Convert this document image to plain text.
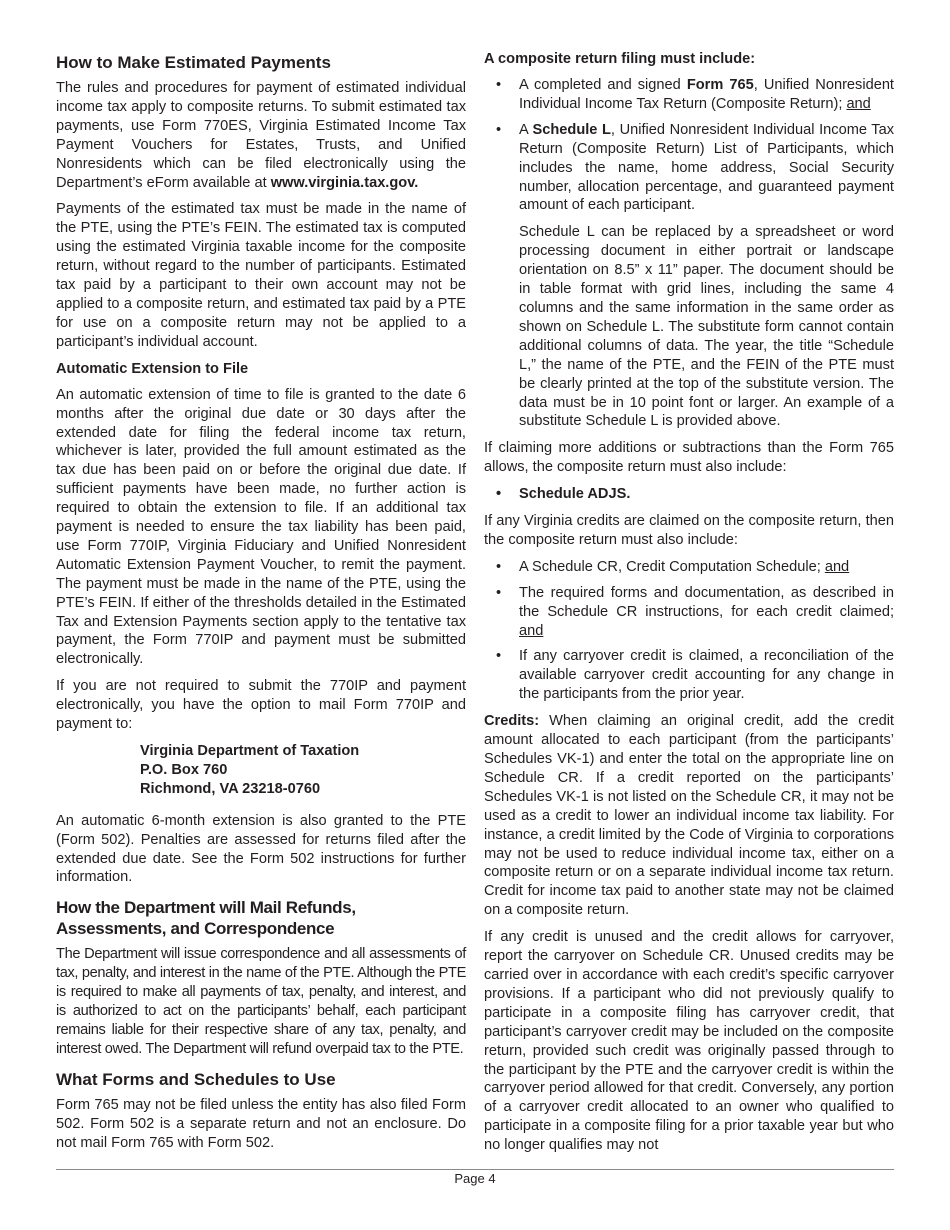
How to Make Estimated Payments

The rules and procedures for payment of estimated individual income tax apply to composite returns. To submit estimated tax payments, use Form 770ES, Virginia Estimated Income Tax Payment Vouchers for Estates, Trusts, and Unified Nonresidents which can be filed electronically using the Department’s eForm available at www.virginia.tax.gov.

Payments of the estimated tax must be made in the name of the PTE, using the PTE’s FEIN. The estimated tax is computed using the estimated Virginia taxable income for the composite return, without regard to the number of participants. Estimated tax paid by a participant to their own account may not be applied to a composite return, and estimated tax paid by a PTE for use on a composite return may not be applied to a participant’s individual account.

Automatic Extension to File

An automatic extension of time to file is granted to the date 6 months after the original due date or 30 days after the extended date for filing the federal income tax return, whichever is later, provided the full amount estimated as the tax due has been paid on or before the original due date. If sufficient payments have been made, no further action is required to obtain the extension to file. If an additional tax payment is needed to ensure the tax liability has been paid, use Form 770IP, Virginia Fiduciary and Unified Nonresident Automatic Extension Payment Voucher, to remit the payment. The payment must be made in the name of the PTE, using the PTE’s FEIN. If either of the thresholds detailed in the Estimated Tax and Extension Payments section apply to the tentative tax payment, the Form 770IP and payment must be submitted electronically.

If you are not required to submit the 770IP and payment electronically, you have the option to mail Form 770IP and payment to:

Virginia Department of Taxation
P.O. Box 760
Richmond, VA 23218-0760

An automatic 6-month extension is also granted to the PTE (Form 502). Penalties are assessed for returns filed after the extended due date. See the Form 502 instructions for further information.

How the Department will Mail Refunds, Assessments, and Correspondence

The Department will issue correspondence and all assessments of tax, penalty, and interest in the name of the PTE. Although the PTE is required to make all payments of tax, penalty, and interest, and is authorized to act on the participants’ behalf, each participant remains liable for their respective share of any tax, penalty, and interest owed. The Department will refund overpaid tax to the PTE.

What Forms and Schedules to Use

Form 765 may not be filed unless the entity has also filed Form 502. Form 502 is a separate return and not an enclosure. Do not mail Form 765 with Form 502.

A composite return filing must include:
• A completed and signed Form 765, Unified Nonresident Individual Income Tax Return (Composite Return); and
• A Schedule L, Unified Nonresident Individual Income Tax Return (Composite Return) List of Participants, which includes the name, home address, Social Security number, allocation percentage, and guaranteed payment amount of each participant.

Schedule L can be replaced by a spreadsheet or word processing document in either portrait or landscape orientation on 8.5” x 11” paper. The document should be in table format with grid lines, including the same 4 columns and the same information in the same order as shown on Schedule L. The substitute form cannot contain additional columns of data. The year, the title “Schedule L,” the name of the PTE, and the FEIN of the PTE must be clearly printed at the top of the substitute version. The data must be in 10 point font or larger. An example of a substitute Schedule L is provided above.

If claiming more additions or subtractions than the Form 765 allows, the composite return must also include:

• Schedule ADJS.

If any Virginia credits are claimed on the composite return, then the composite return must also include:

• A Schedule CR, Credit Computation Schedule; and
• The required forms and documentation, as described in the Schedule CR instructions, for each credit claimed; and
• If any carryover credit is claimed, a reconciliation of the available carryover credit accounting for any change in the participants from the prior year.

Credits: When claiming an original credit, add the credit amount allocated to each participant (from the participants’ Schedules VK-1) and enter the total on the appropriate line on Schedule CR. If a credit reported on the participants’ Schedules VK-1 is not listed on the Schedule CR, it may not be used as a credit to lower an individual income tax liability. For instance, a credit limited by the Code of Virginia to corporations may not be used to reduce individual income tax, either on a composite return or on a separate individual income tax return. Credit for income tax paid to another state may not be claimed on a composite return.

If any credit is unused and the credit allows for carryover, report the carryover on Schedule CR. Unused credits may be carried over in accordance with each credit’s specific carryover provisions. If a participant who did not previously qualify to participate in a composite filing has carryover credit, that participant’s carryover credit may be included on the composite return, provided such credit was originally passed through to the participant by the PTE and the carryover credit is within the carryover period allowed for that credit. Conversely, any portion of a carryover credit allocated to an owner who qualified to participate in a composite filing for a prior taxable year but who no longer qualifies may not

Page 4
